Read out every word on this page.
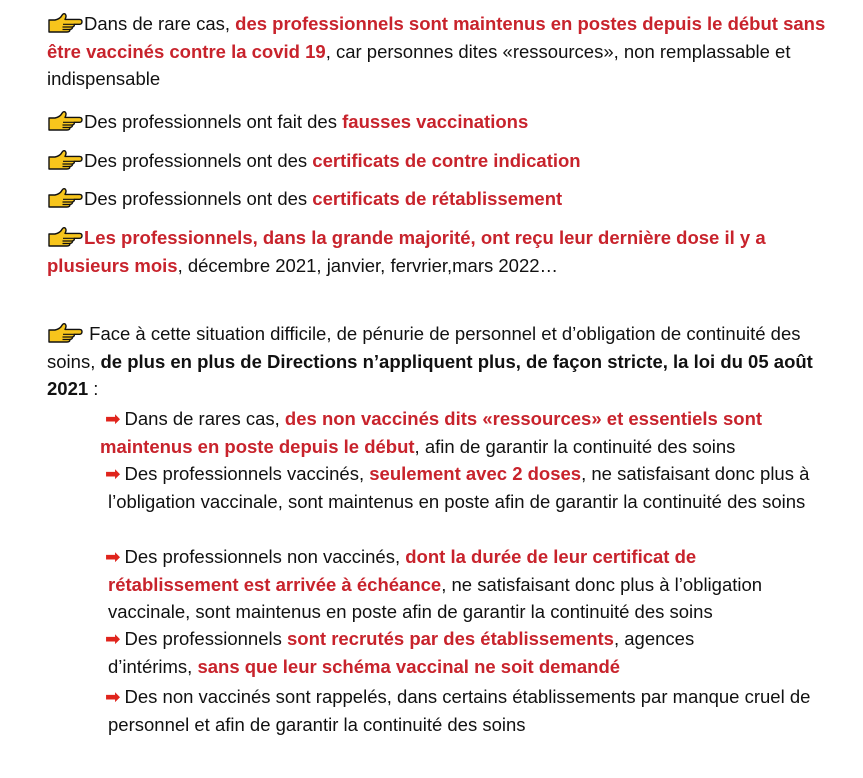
Dans de rare cas, des professionnels sont maintenus en postes depuis le début sans être vaccinés contre la covid 19, car personnes dites «ressources», non remplassable et indispensable
Des professionnels ont fait des fausses vaccinations
Des professionnels ont des certificats de contre indication
Des professionnels ont des certificats de rétablissement
Les professionnels, dans la grande majorité, ont reçu leur dernière dose il y a plusieurs mois, décembre 2021, janvier, fervrier,mars 2022…
Face à cette situation difficile, de pénurie de personnel et d’obligation de continuité des soins, de plus en plus de Directions n’appliquent plus, de façon stricte, la loi du 05 août 2021 :
➡ Dans de rares cas, des non vaccinés dits «ressources» et essentiels sont maintenus en poste depuis le début, afin de garantir la continuité des soins
➡ Des professionnels vaccinés, seulement avec 2 doses, ne satisfaisant donc plus à l’obligation vaccinale, sont maintenus en poste afin de garantir la continuité des soins
➡ Des professionnels non vaccinés, dont la durée de leur certificat de rétablissement est arrivée à échéance, ne satisfaisant donc plus à l’obligation vaccinale, sont maintenus en poste afin de garantir la continuité des soins
➡ Des professionnels sont recrutés par des établissements, agences d’intérims, sans que leur schéma vaccinal ne soit demandé
➡ Des non vaccinés sont rappelés, dans certains établissements par manque cruel de personnel et afin de garantir la continuité des soins
